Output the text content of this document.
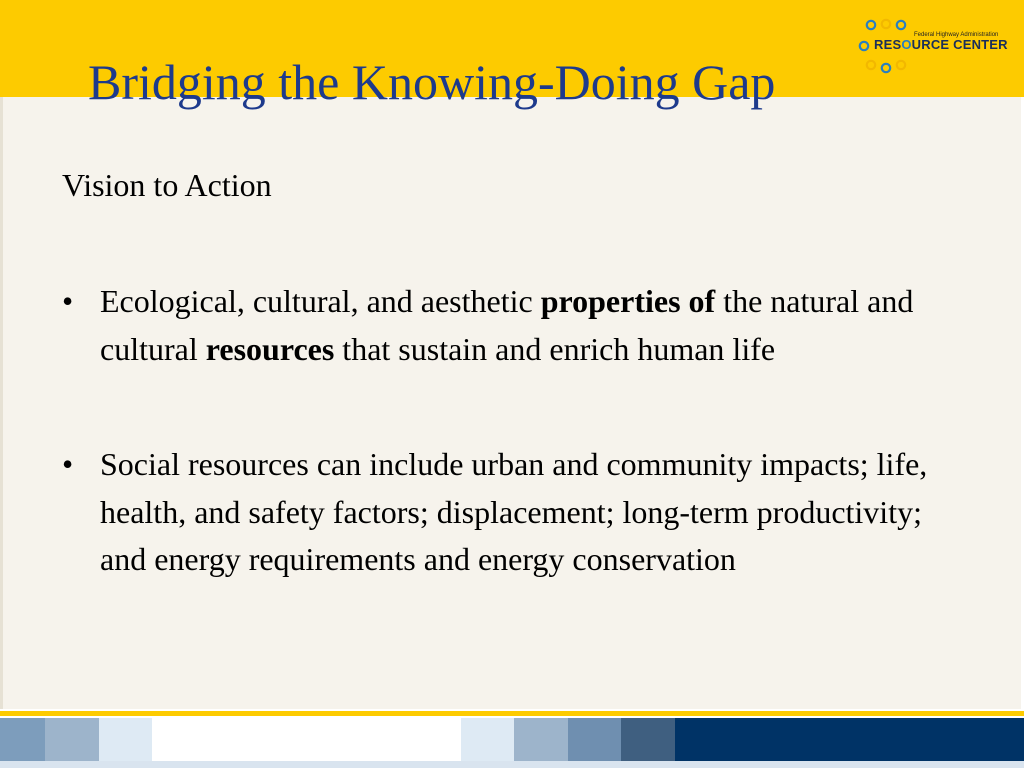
Bridging the Knowing-Doing Gap
Federal Highway Administration
RESOURCE CENTER
Vision to Action
• Ecological, cultural, and aesthetic properties of the natural and cultural resources that sustain and enrich human life
• Social resources can include urban and community impacts; life, health, and safety factors; displacement; long-term productivity; and energy requirements and energy conservation
